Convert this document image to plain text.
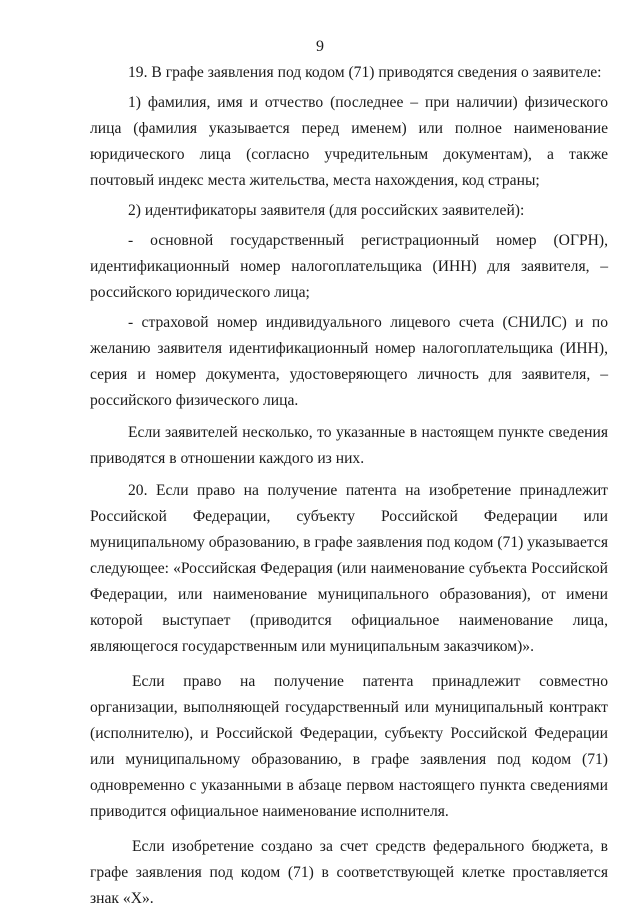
9

19. В графе заявления под кодом (71) приводятся сведения о заявителе:

1) фамилия, имя и отчество (последнее – при наличии) физического лица (фамилия указывается перед именем) или полное наименование юридического лица (согласно учредительным документам), а также почтовый индекс места жительства, места нахождения, код страны;

2) идентификаторы заявителя (для российских заявителей):

- основной государственный регистрационный номер (ОГРН), идентификационный номер налогоплательщика (ИНН) для заявителя, – российского юридического лица;

- страховой номер индивидуального лицевого счета (СНИЛС) и по желанию заявителя идентификационный номер налогоплательщика (ИНН), серия и номер документа, удостоверяющего личность для заявителя, – российского физического лица.

Если заявителей несколько, то указанные в настоящем пункте сведения приводятся в отношении каждого из них.

20. Если право на получение патента на изобретение принадлежит Российской Федерации, субъекту Российской Федерации или муниципальному образованию, в графе заявления под кодом (71) указывается следующее: «Российская Федерация (или наименование субъекта Российской Федерации, или наименование муниципального образования), от имени которой выступает (приводится официальное наименование лица, являющегося государственным или муниципальным заказчиком)».

Если право на получение патента принадлежит совместно организации, выполняющей государственный или муниципальный контракт (исполнителю), и Российской Федерации, субъекту Российской Федерации или муниципальному образованию, в графе заявления под кодом (71) одновременно с указанными в абзаце первом настоящего пункта сведениями приводится официальное наименование исполнителя.

Если изобретение создано за счет средств федерального бюджета, в графе заявления под кодом (71) в соответствующей клетке проставляется знак «Х».
